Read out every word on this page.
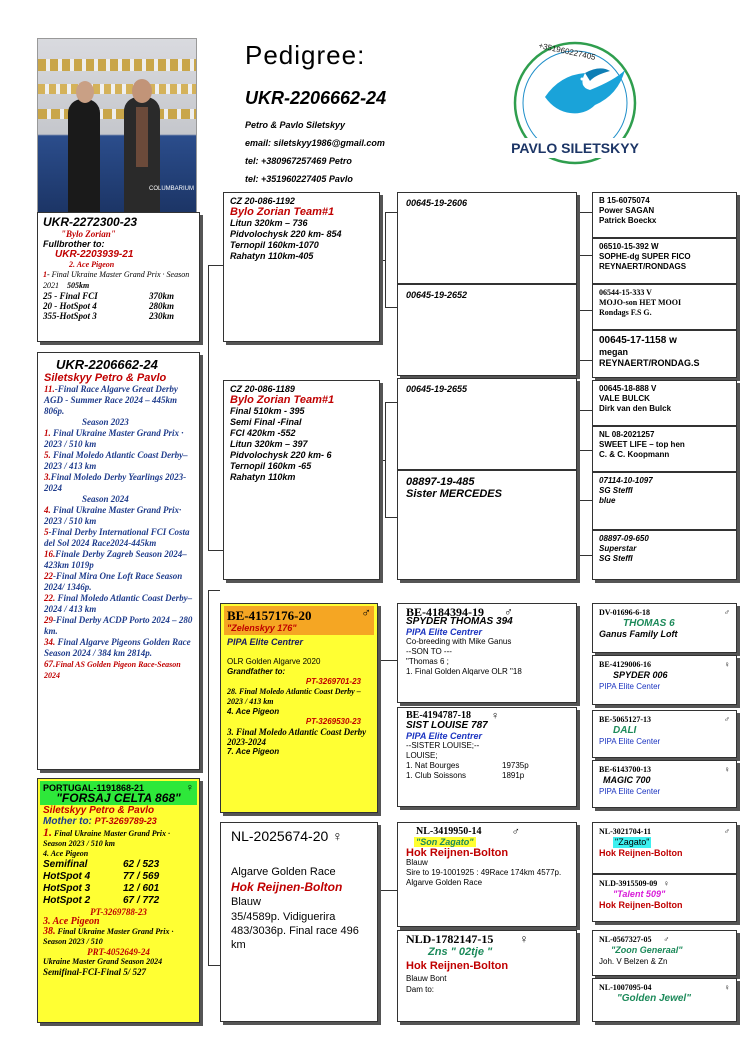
COLUMBARIUM
Pedigree:
UKR-2206662-24
Petro & Pavlo Siletskyy
email: siletskyy1986@gmail.com
tel: +380967257469 Petro
tel: +351960227405 Pavlo
+351960227405
PAVLO SILETSKYY
UKR-2272300-23
"Bylo Zorian"
Fullbrother to:
UKR-2203939-21
2. Ace Pigeon
1- Final Ukraine Master Grand Prix · Season 2021 505km
25 - Final FCI	370km
20 - HotSpot 4	280km
355-HotSpot 3	230km
UKR-2206662-24
Siletskyy Petro & Pavlo
11.-Final Race Algarve Great Derby AGD - Summer Race 2024 – 445km 806p.
Season 2023
1. Final Ukraine Master Grand Prix · 2023 / 510 km
5. Final Moledo Atlantic Coast Derby–2023 / 413 km
3.Final Moledo Derby Yearlings 2023-2024
Season 2024
4. Final Ukraine Master Grand Prix· 2023 / 510 km
5-Final Derby International FCI Costa del Sol 2024 Race2024-445km
16.Finale Derby Zagreb Season 2024– 423km 1019p
22-Final Mira One Loft Race Season 2024/ 1346p.
22. Final Moledo Atlantic Coast Derby–2024 / 413 km
29-Final Derby ACDP Porto 2024 – 280 km.
34. Final Algarve Pigeons Golden Race Season 2024 / 384 km 2814p.
67.Final AS Golden Pigeon Race-Season 2024
CZ 20-086-1192
Bylo Zorian Team#1
Litun 320km – 736
Pidvolochysk 220 km- 854
Ternopil 160km-1070
Rahatyn 110km-405
CZ 20-086-1189
Bylo Zorian Team#1
Final 510km - 395
Semi Final -Final
FCI 420km -552
Litun 320km – 397
Pidvolochysk 220 km- 6
Ternopil 160km -65
Rahatyn 110km
00645-19-2606
00645-19-2652
00645-19-2655
08897-19-485
Sister MERCEDES
B 15-6075074
Power SAGAN
Patrick Boeckx
06510-15-392 W
SOPHE-dg SUPER FICO
REYNAERT/RONDAGS
06544-15-333 V
MOJO-son HET MOOI
Rondags F.S G.
00645-17-1158 w
megan
REYNAERT/RONDAG.S
00645-18-888 V
VALE BULCK
Dirk van den Bulck
NL 08-2021257
SWEET LIFE – top hen
C. & C. Koopmann
07114-10-1097
SG SteffI
blue
08897-09-650
Superstar
SG SteffI
BE-4157176-20	♂
"Zelenskyy 176"
PIPA Elite Centrer
OLR Golden Algarve 2020
Grandfather to:
PT-3269701-23
28. Final Moledo Atlantic Coast Derby – 2023 / 413 km
4. Ace Pigeon
PT-3269530-23
3. Final Moledo Atlantic Coast Derby 2023-2024
7. Ace Pigeon
BE-4184394-19 ♂
SPYDER THOMAS 394
PIPA Elite Centrer
Co-breeding with Mike Ganus
--SON TO ---
"Thomas 6 ;
1. Final Golden Alqarve OLR "18
BE-4194787-18 ♀
SIST LOUISE 787
PIPA Elite Centrer
--SISTER LOUISE;--
LOUISE;
1. Nat Bourges	19735p
1. Club Soissons	1891p
DV-01696-6-18	♂
THOMAS 6
Ganus Family Loft
BE-4129006-16	♀
SPYDER 006
PIPA Elite Center
BE-5065127-13	♂
DALI
PIPA Elite Center
BE-6143700-13	♀
MAGIC 700
PIPA Elite Center
PORTUGAL-1191868-21	♀
"FORSAJ CELTA 868"
Siletskyy Petro & Pavlo
Mother to: PT-3269789-23
1. Final Ukraine Master Grand Prix · Season 2023 / 510 km
4. Ace Pigeon
Semifinal	62 / 523
HotSpot 4	77 / 569
HotSpot 3	12 / 601
HotSpot 2	67 / 772
PT-3269788-23
3. Ace Pigeon
38. Final Ukraine Master Grand Prix · Season 2023 / 510
PRT-4052649-24
Ukraine Master Grand Season 2024
Semifinal-FCI-Final 5/ 527
NL-2025674-20 ♀
Algarve Golden Race
Hok Reijnen-Bolton
Blauw
35/4589p. Vidiguerira 483/3036p. Final race 496 km
NL-3419950-14	♂
"Son Zagato"
Hok Reijnen-Bolton
Blauw
Sire to 19-1001925 : 49Race 174km 4577p.
Algarve Golden Race
NLD-1782147-15 ♀
Zns " 02tje "
Hok Reijnen-Bolton
Blauw Bont
Dam to:
NL-3021704-11	♂
"Zagato"
Hok Reijnen-Bolton
NLD-3915509-09 ♀
"Talent 509"
Hok Reijnen-Bolton
NL-0567327-05 ♂
"Zoon Generaal"
Joh. V Belzen & Zn
NL-1007095-04	♀
"Golden Jewel"
